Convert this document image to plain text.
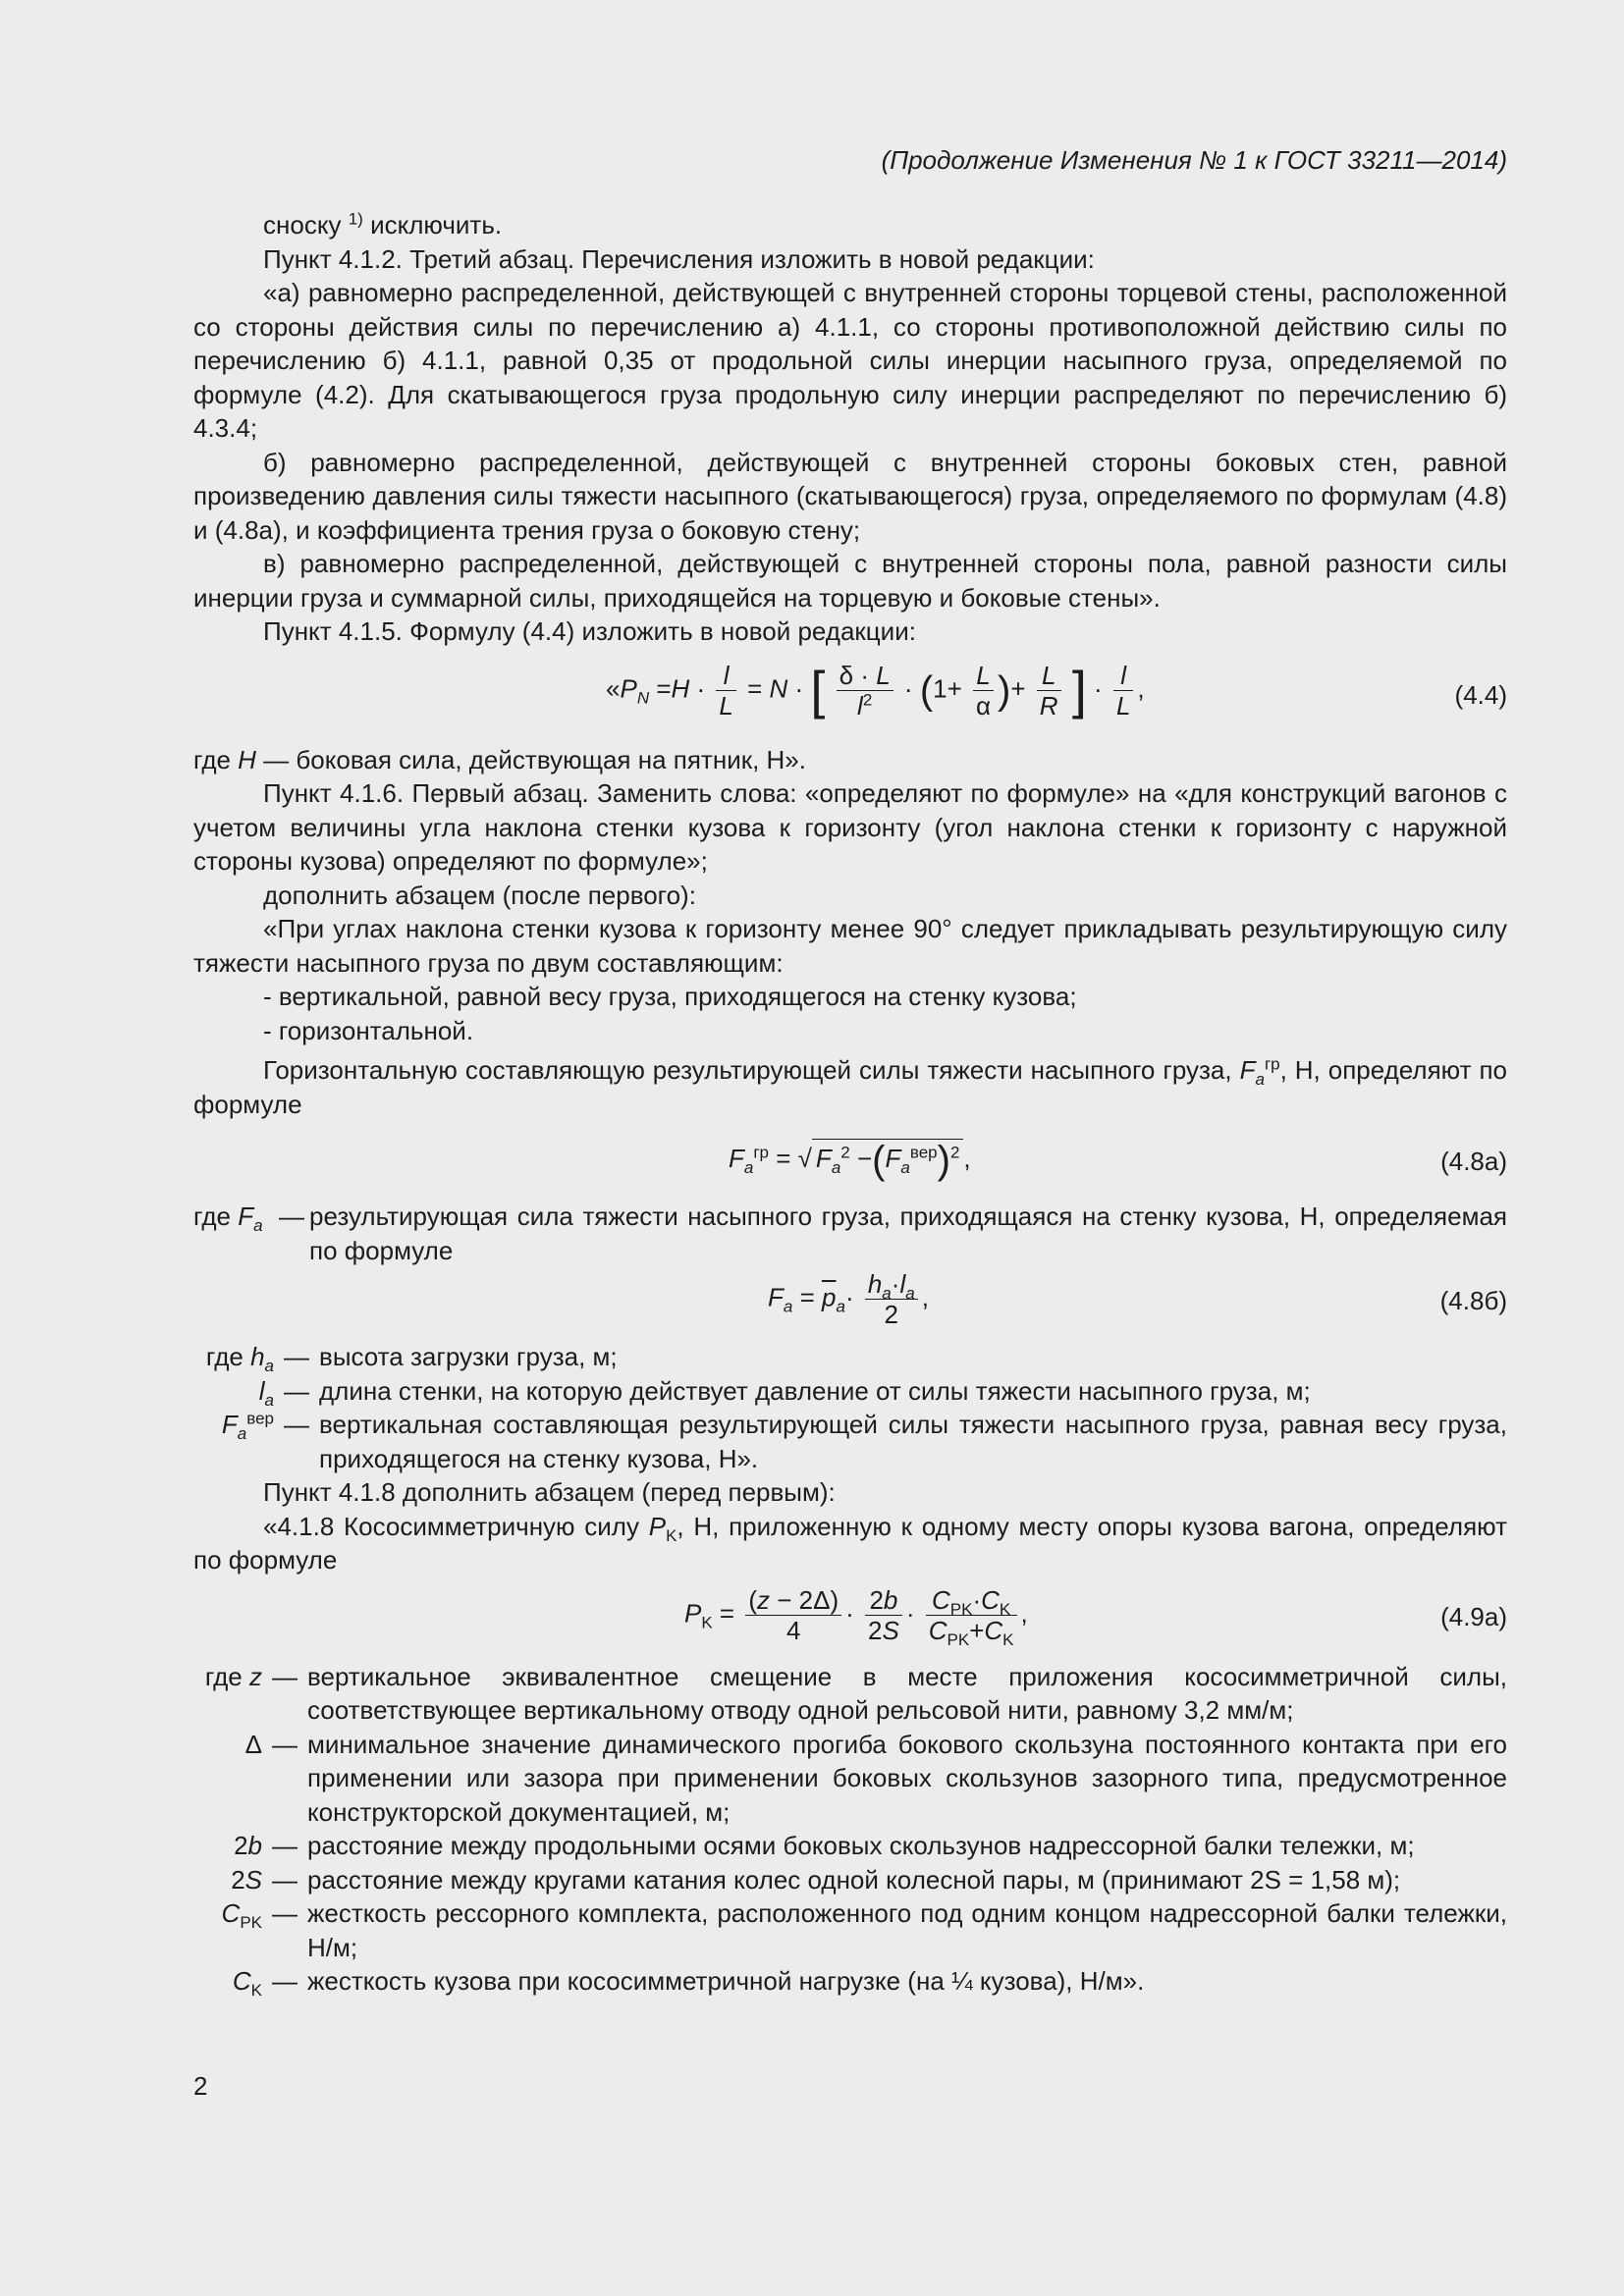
(Продолжение Изменения № 1 к ГОСТ 33211—2014)

сноску $^{1)}$ исключить.

Пункт 4.1.2. Третий абзац. Перечисления изложить в новой редакции:

«а) равномерно распределенной, действующей с внутренней стороны торцевой стены, расположенной со стороны действия силы по перечислению а) 4.1.1, со стороны противоположной действию силы по перечислению б) 4.1.1, равной 0,35 от продольной силы инерции насыпного груза, определяемой по формуле (4.2). Для скатывающегося груза продольную силу инерции распределяют по перечислению б) 4.3.4;

б) равномерно распределенной, действующей с внутренней стороны боковых стен, равной произведению давления силы тяжести насыпного (скатывающегося) груза, определяемого по формулам (4.8) и (4.8а), и коэффициента трения груза о боковую стену;

в) равномерно распределенной, действующей с внутренней стороны пола, равной разности силы инерции груза и суммарной силы, приходящейся на торцевую и боковые стены».

Пункт 4.1.5. Формулу (4.4) изложить в новой редакции:

«$P_N =H \cdot \frac{l}{L} = N$ · [ $\frac{\delta \cdot L}{l^2} \cdot (1+ \frac{L}{\alpha}$ )+ $\frac{L}{R}$ ] · $\frac{l}{L}$ ,	(4.4)

где H — боковая сила, действующая на пятник, Н».

Пункт 4.1.6. Первый абзац. Заменить слова: «определяют по формуле» на «для конструкций вагонов с учетом величины угла наклона стенки кузова к горизонту (угол наклона стенки к горизонту с наружной стороны кузова) определяют по формуле»;

дополнить абзацем (после первого):

«При углах наклона стенки кузова к горизонту менее 90° следует прикладывать результирующую силу тяжести насыпного груза по двум составляющим:

- вертикальной, равной весу груза, приходящегося на стенку кузова;

- горизонтальной.

Горизонтальную составляющую результирующей силы тяжести насыпного груза, $F_a^{гр}$, Н, определяют по формуле

$F_a^{гр}$ = √ $F_a^2 -(F_a^{вер})^2$ ,	(4.8а)
где $F_a$	—	результирующая сила тяжести насыпного груза, приходящаяся на стенку кузова, Н, определяемая по формуле
$F_a = \overline{p}_a\cdot \frac{h_a\cdot l_a}{2}$ ,	(4.8б)
где $h_a$	—	высота загрузки груза, м;
$l_a$	—	длина стенки, на которую действует давление от силы тяжести насыпного груза, м;
$F_a^{вер}$	—	вертикальная составляющая результирующей силы тяжести насыпного груза, равная весу груза, приходящегося на стенку кузова, Н».

Пункт 4.1.8 дополнить абзацем (перед первым):

«4.1.8 Кососимметричную силу $P_K$, Н, приложенную к одному месту опоры кузова вагона, определяют по формуле

$P_K = \frac{(z - 2\Delta)}{4} \cdot \frac{2b}{2S} \cdot \frac{C_{PK}\cdot C_K}{C_{PK}+C_K}$ ,	(4.9а)
где z	—	вертикальное эквивалентное смещение в месте приложения кососимметричной силы, соответствующее вертикальному отводу одной рельсовой нити, равному 3,2 мм/м;
Δ	—	минимальное значение динамического прогиба бокового скользуна постоянного контакта при его применении или зазора при применении боковых скользунов зазорного типа, предусмотренное конструкторской документацией, м;
2b	—	расстояние между продольными осями боковых скользунов надрессорной балки тележки, м;
2S	—	расстояние между кругами катания колес одной колесной пары, м (принимают 2S = 1,58 м);
$C_{PK}$	—	жесткость рессорного комплекта, расположенного под одним концом надрессорной балки тележки, Н/м;
$C_K$	—	жесткость кузова при кососимметричной нагрузке (на ¼ кузова), Н/м».
2
